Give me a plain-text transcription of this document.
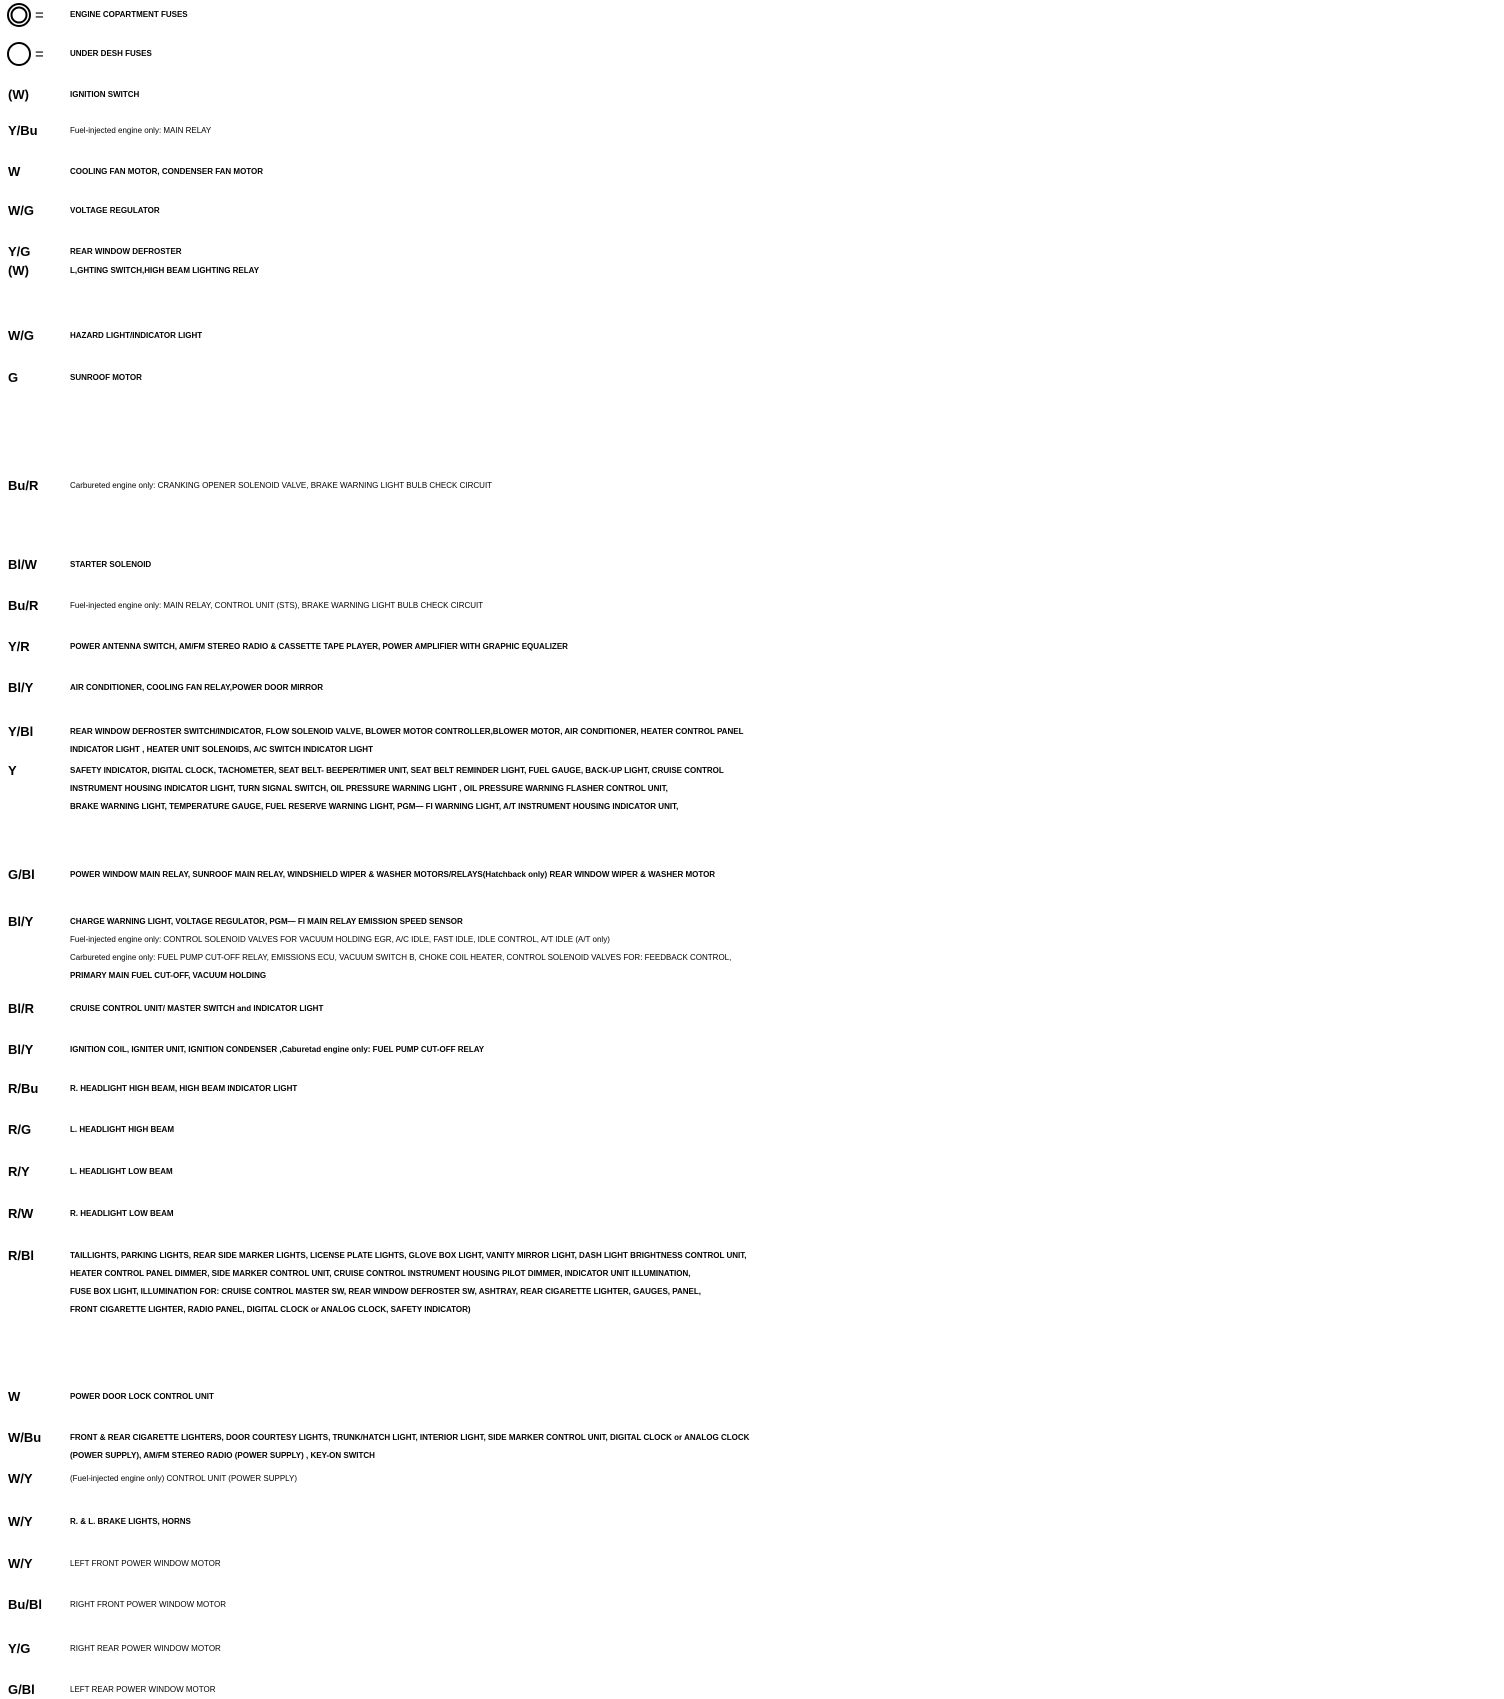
=	ENGINE COPARTMENT FUSES
=	UNDER DESH FUSES
(W)	IGNITION SWITCH
Y/Bu	Fuel-injected engine only: MAIN RELAY
W	COOLING FAN MOTOR, CONDENSER FAN MOTOR
W/G	VOLTAGE REGULATOR
Y/G	REAR WINDOW DEFROSTER
(W)	L,GHTING SWITCH,HIGH BEAM LIGHTING RELAY
W/G	HAZARD LIGHT/INDICATOR LIGHT
G	SUNROOF MOTOR
Bu/R	Carbureted engine only: CRANKING OPENER SOLENOID VALVE, BRAKE WARNING LIGHT BULB CHECK CIRCUIT
Bl/W	STARTER SOLENOID
Bu/R	Fuel-injected engine only: MAIN RELAY, CONTROL UNIT (STS), BRAKE WARNING LIGHT BULB CHECK CIRCUIT
Y/R	POWER ANTENNA SWITCH, AM/FM STEREO RADIO & CASSETTE TAPE PLAYER, POWER AMPLIFIER WITH GRAPHIC EQUALIZER
Bl/Y	AIR CONDITIONER, COOLING FAN RELAY,POWER DOOR MIRROR
Y/Bl	REAR WINDOW DEFROSTER SWITCH/INDICATOR, FLOW SOLENOID VALVE, BLOWER MOTOR CONTROLLER,BLOWER MOTOR, AIR CONDITIONER, HEATER CONTROL PANEL
INDICATOR LIGHT , HEATER UNIT SOLENOIDS, A/C SWITCH INDICATOR LIGHT
Y	SAFETY INDICATOR, DIGITAL CLOCK, TACHOMETER, SEAT BELT- BEEPER/TIMER UNIT, SEAT BELT REMINDER LIGHT, FUEL GAUGE, BACK-UP LIGHT, CRUISE CONTROL
INSTRUMENT HOUSING INDICATOR LIGHT, TURN SIGNAL SWITCH, OIL PRESSURE WARNING LIGHT , OIL PRESSURE WARNING FLASHER CONTROL UNIT,
BRAKE WARNING LIGHT, TEMPERATURE GAUGE, FUEL RESERVE WARNING LIGHT, PGM— FI WARNING LIGHT, A/T INSTRUMENT HOUSING INDICATOR UNIT,
G/Bl	POWER WINDOW MAIN RELAY, SUNROOF MAIN RELAY, WINDSHIELD WIPER & WASHER MOTORS/RELAYS(Hatchback only) REAR WINDOW WIPER & WASHER MOTOR
Bl/Y	CHARGE WARNING LIGHT, VOLTAGE REGULATOR, PGM— FI MAIN RELAY EMISSION SPEED SENSOR
Fuel-injected engine only: CONTROL SOLENOID VALVES FOR VACUUM HOLDING EGR, A/C IDLE, FAST IDLE, IDLE CONTROL, A/T IDLE (A/T only)
Carbureted engine only: FUEL PUMP CUT-OFF RELAY, EMISSIONS ECU, VACUUM SWITCH B, CHOKE COIL HEATER, CONTROL SOLENOID VALVES FOR: FEEDBACK CONTROL,
PRIMARY MAIN FUEL CUT-OFF, VACUUM HOLDING
Bl/R	CRUISE CONTROL UNIT/ MASTER SWITCH and INDICATOR LIGHT
Bl/Y	IGNITION COIL, IGNITER UNIT, IGNITION CONDENSER ,Caburetad engine only: FUEL PUMP CUT-OFF RELAY
R/Bu	R. HEADLIGHT HIGH BEAM, HIGH BEAM INDICATOR LIGHT
R/G	L. HEADLIGHT HIGH BEAM
R/Y	L. HEADLIGHT LOW BEAM
R/W	R. HEADLIGHT LOW BEAM
R/Bl	TAILLIGHTS, PARKING LIGHTS, REAR SIDE MARKER LIGHTS, LICENSE PLATE LIGHTS, GLOVE BOX LIGHT, VANITY MIRROR LIGHT, DASH LIGHT BRIGHTNESS CONTROL UNIT,
HEATER CONTROL PANEL DIMMER, SIDE MARKER CONTROL UNIT, CRUISE CONTROL INSTRUMENT HOUSING PILOT DIMMER, INDICATOR UNIT ILLUMINATION,
FUSE BOX LIGHT, ILLUMINATION FOR: CRUISE CONTROL MASTER SW, REAR WINDOW DEFROSTER SW, ASHTRAY, REAR CIGARETTE LIGHTER, GAUGES, PANEL,
FRONT CIGARETTE LIGHTER, RADIO PANEL, DIGITAL CLOCK or ANALOG CLOCK, SAFETY INDICATOR)
W	POWER DOOR LOCK CONTROL UNIT
W/Bu	FRONT & REAR CIGARETTE LIGHTERS, DOOR COURTESY LIGHTS, TRUNK/HATCH LIGHT, INTERIOR LIGHT, SIDE MARKER CONTROL UNIT, DIGITAL CLOCK or ANALOG CLOCK
(POWER SUPPLY), AM/FM STEREO RADIO (POWER SUPPLY) , KEY-ON SWITCH
W/Y	(Fuel-injected engine only) CONTROL UNIT (POWER SUPPLY)
W/Y	R. & L. BRAKE LIGHTS, HORNS
W/Y	LEFT FRONT POWER WINDOW MOTOR
Bu/Bl	RIGHT FRONT POWER WINDOW MOTOR
Y/G	RIGHT REAR POWER WINDOW MOTOR
G/Bl	LEFT REAR POWER WINDOW MOTOR
